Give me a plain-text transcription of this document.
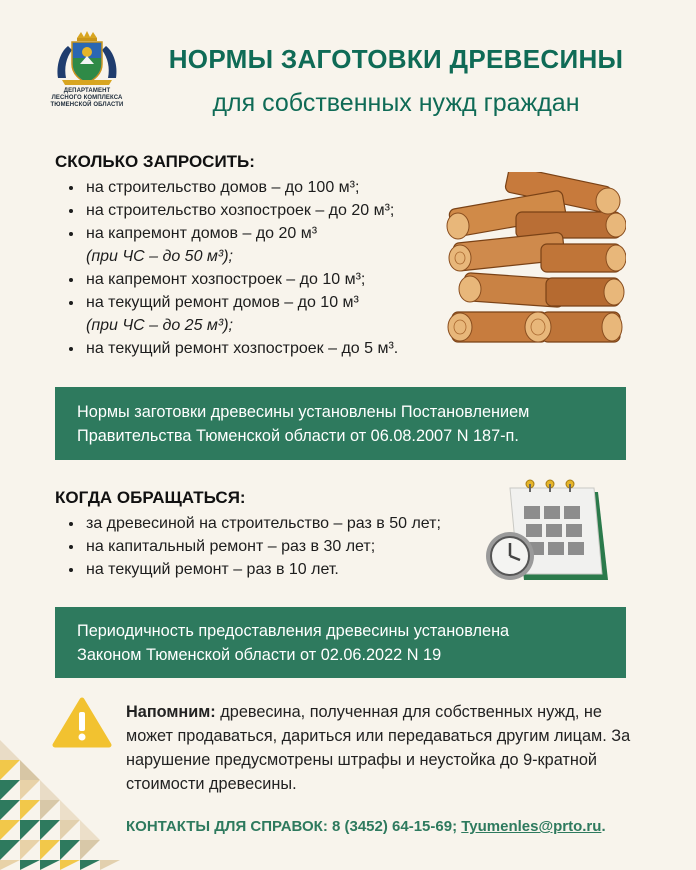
ДЕПАРТАМЕНТ
ЛЕСНОГО КОМПЛЕКСА
ТЮМЕНСКОЙ ОБЛАСТИ
НОРМЫ ЗАГОТОВКИ ДРЕВЕСИНЫ
для собственных нужд граждан
СКОЛЬКО ЗАПРОСИТЬ:
• на строительство домов – до 100 м³;
• на строительство хозпостроек – до 20 м³;
• на капремонт домов – до 20 м³
(при ЧС – до 50 м³);
• на капремонт хозпостроек – до 10 м³;
• на текущий ремонт домов – до 10 м³
(при ЧС – до 25 м³);
• на текущий ремонт хозпостроек – до 5 м³.
Нормы заготовки древесины установлены Постановлением
Правительства Тюменской области от 06.08.2007 N 187-п.
КОГДА ОБРАЩАТЬСЯ:
• за древесиной на строительство – раз в 50 лет;
• на капитальный ремонт – раз в 30 лет;
• на текущий ремонт – раз в 10 лет.
Периодичность предоставления древесины установлена
Законом Тюменской области от 02.06.2022 N 19
Напомним: древесина, полученная для собственных нужд, не может продаваться, дариться или передаваться другим лицам. За нарушение предусмотрены штрафы и неустойка до 9-кратной стоимости древесины.
КОНТАКТЫ ДЛЯ СПРАВОК: 8 (3452) 64-15-69; Tyumenles@prto.ru.
